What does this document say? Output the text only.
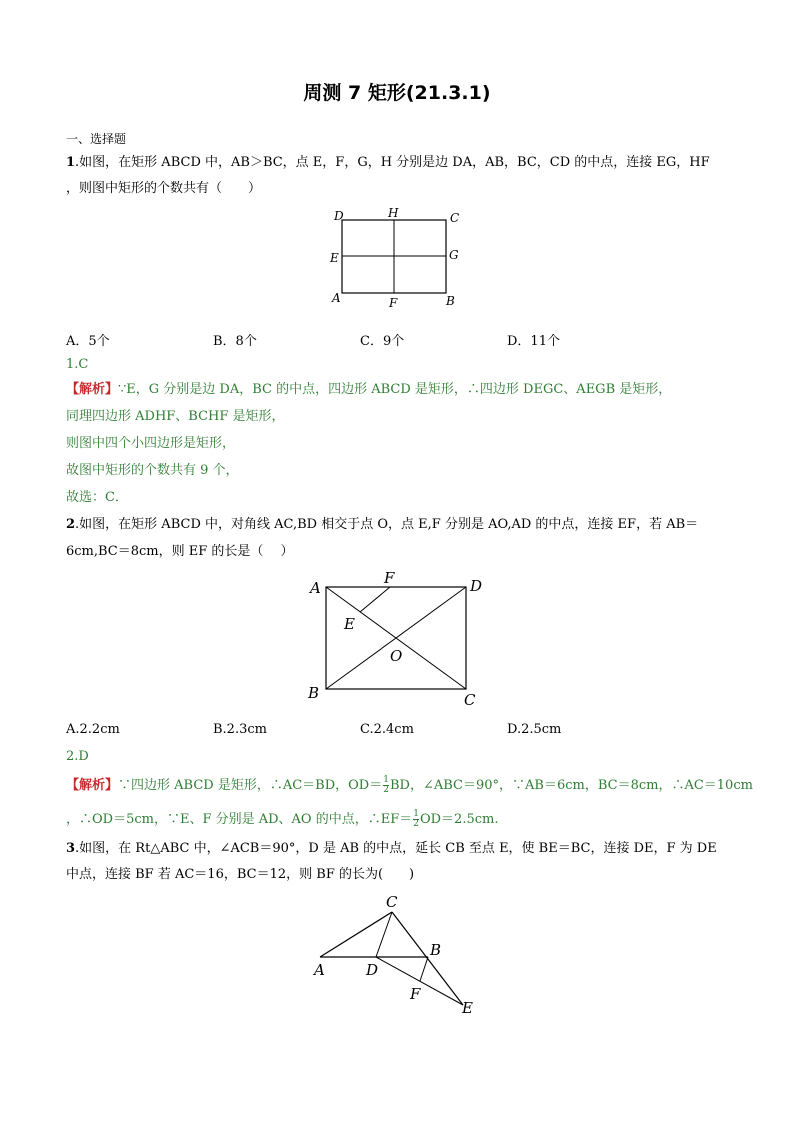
周测 7 矩形(21.3.1)
一、选择题
1.如图，在矩形 ABCD 中，AB＞BC，点 E，F，G，H 分别是边 DA，AB，BC，CD 的中点，连接 EG，HF
，则图中矩形的个数共有（　　）
D	H	C
E	G
A	F	B
A．5个	B．8个	C．9个	D．11个
1.C
【解析】∵E，G 分别是边 DA，BC 的中点，四边形 ABCD 是矩形，∴四边形 DEGC、AEGB 是矩形，
同理四边形 ADHF、BCHF 是矩形，
则图中四个小四边形是矩形，
故图中矩形的个数共有 9 个，
故选：C．
2.如图，在矩形 ABCD 中，对角线 AC,BD 相交于点 O，点 E,F 分别是 AO,AD 的中点，连接 EF，若 AB＝
6cm,BC＝8cm，则 EF 的长是（　 ）
A
F	D
E
O
B	C
A.2.2cm	B.2.3cm	C.2.4cm	D.2.5cm
2.D
【解析】∵四边形 ABCD 是矩形，∴AC＝BD，$OD= \frac{1}{2}$ BD，∠ABC＝90°，∵AB＝6cm，BC＝8cm，∴AC＝10cm
，∴OD＝5cm，∵E、F 分别是 AD、AO 的中点，∴EF＝ $\frac{1}{2} OD=2.5cm$.
3.如图，在 Rt△ABC 中，∠ACB＝90°，D 是 AB 的中点，延长 CB 至点 E，使 BE＝BC，连接 DE，F 为 DE
中点，连接 BF 若 AC＝16，BC＝12，则 BF 的长为(　　)
C
B
A	D
F
E
